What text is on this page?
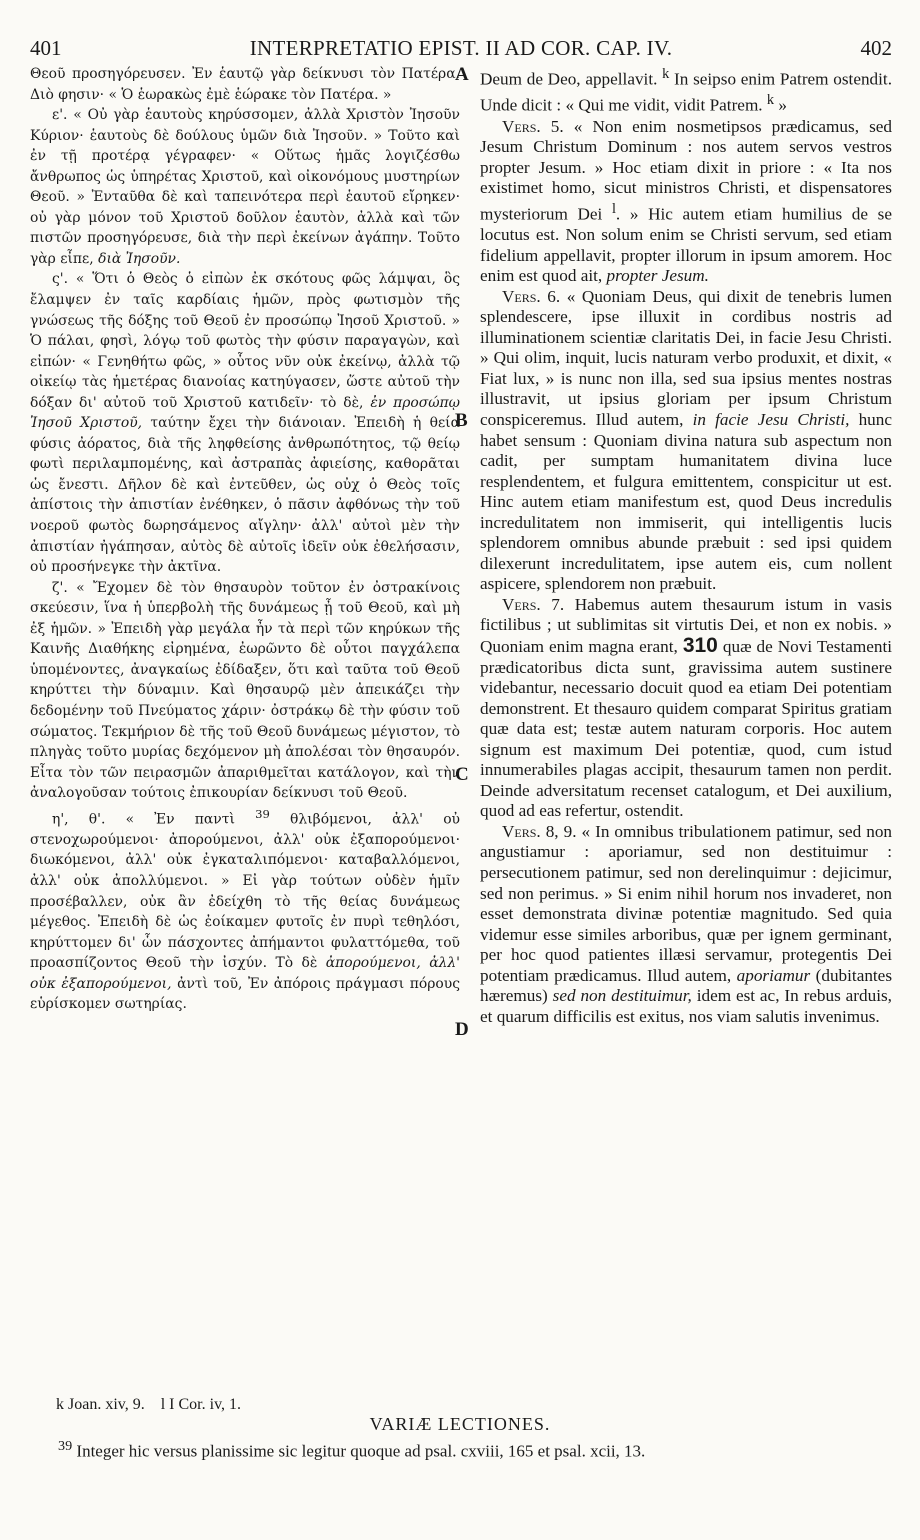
401	INTERPRETATIO EPIST. II AD COR. CAP. IV.	402

Θεοῦ προσηγόρευσεν. Ἐν ἑαυτῷ γὰρ δείκνυσι τὸν Πατέρα. Διὸ φησιν· « Ὁ ἑωρακὼς ἐμὲ ἑώρακε τὸν Πατέρα. »

ε'. « Οὐ γὰρ ἑαυτοὺς κηρύσσομεν, ἀλλὰ Χριστὸν Ἰησοῦν Κύριον· ἑαυτοὺς δὲ δούλους ὑμῶν διὰ Ἰησοῦν. » Τοῦτο καὶ ἐν τῇ προτέρᾳ γέγραφεν· « Οὕτως ἡμᾶς λογιζέσθω ἄνθρωπος ὡς ὑπηρέτας Χριστοῦ, καὶ οἰκονόμους μυστηρίων Θεοῦ. » Ἐνταῦθα δὲ καὶ ταπεινότερα περὶ ἑαυτοῦ εἴρηκεν· οὐ γὰρ μόνον τοῦ Χριστοῦ δοῦλον ἑαυτὸν, ἀλλὰ καὶ τῶν πιστῶν προσηγόρευσε, διὰ τὴν περὶ ἐκείνων ἀγάπην. Τοῦτο γὰρ εἶπε, διὰ Ἰησοῦν.

ς'. « Ὅτι ὁ Θεὸς ὁ εἰπὼν ἐκ σκότους φῶς λάμψαι, ὃς ἔλαμψεν ἐν ταῖς καρδίαις ἡμῶν, πρὸς φωτισμὸν τῆς γνώσεως τῆς δόξης τοῦ Θεοῦ ἐν προσώπῳ Ἰησοῦ Χριστοῦ. » Ὁ πάλαι, φησὶ, λόγῳ τοῦ φωτὸς τὴν φύσιν παραγαγὼν, καὶ εἰπών· « Γενηθήτω φῶς, » οὗτος νῦν οὐκ ἐκείνῳ, ἀλλὰ τῷ οἰκείῳ τὰς ἡμετέρας διανοίας κατηύγασεν, ὥστε αὐτοῦ τὴν δόξαν δι' αὐτοῦ τοῦ Χριστοῦ κατιδεῖν· τὸ δὲ, ἐν προσώπῳ Ἰησοῦ Χριστοῦ, ταύτην ἔχει τὴν διάνοιαν. Ἐπειδὴ ἡ θεία φύσις ἀόρατος, διὰ τῆς ληφθείσης ἀνθρωπότητος, τῷ θείῳ φωτὶ περιλαμπομένης, καὶ ἀστραπὰς ἀφιείσης, καθορᾶται ὡς ἔνεστι. Δῆλον δὲ καὶ ἐντεῦθεν, ὡς οὐχ ὁ Θεὸς τοῖς ἀπίστοις τὴν ἀπιστίαν ἐνέθηκεν, ὁ πᾶσιν ἀφθόνως τὴν τοῦ νοεροῦ φωτὸς δωρησάμενος αἴγλην· ἀλλ' αὐτοὶ μὲν τὴν ἀπιστίαν ἠγάπησαν, αὐτὸς δὲ αὐτοῖς ἰδεῖν οὐκ ἐθελήσασιν, οὐ προσήνεγκε τὴν ἀκτῖνα.

ζ'. « Ἔχομεν δὲ τὸν θησαυρὸν τοῦτον ἐν ὀστρακίνοις σκεύεσιν, ἵνα ἡ ὑπερβολὴ τῆς δυνάμεως ᾖ τοῦ Θεοῦ, καὶ μὴ ἐξ ἡμῶν. » Ἐπειδὴ γὰρ μεγάλα ἦν τὰ περὶ τῶν κηρύκων τῆς Καινῆς Διαθήκης εἰρημένα, ἐωρῶντο δὲ οὗτοι παγχάλεπα ὑπομένοντες, ἀναγκαίως ἐδίδαξεν, ὅτι καὶ ταῦτα τοῦ Θεοῦ κηρύττει τὴν δύναμιν. Καὶ θησαυρῷ μὲν ἀπεικάζει τὴν δεδομένην τοῦ Πνεύματος χάριν· ὀστράκῳ δὲ τὴν φύσιν τοῦ σώματος. Τεκμήριον δὲ τῆς τοῦ Θεοῦ δυνάμεως μέγιστον, τὸ πληγὰς τοῦτο μυρίας δεχόμενον μὴ ἀπολέσαι τὸν θησαυρόν. Εἶτα τὸν τῶν πειρασμῶν ἀπαριθμεῖται κατάλογον, καὶ τὴν ἀναλογοῦσαν τούτοις ἐπικουρίαν δείκνυσι τοῦ Θεοῦ.

η', θ'. « Ἐν παντὶ $^{39}$ θλιβόμενοι, ἀλλ' οὐ στενοχωρούμενοι· ἀπορούμενοι, ἀλλ' οὐκ ἐξαπορούμενοι· διωκόμενοι, ἀλλ' οὐκ ἐγκαταλιπόμενοι· καταβαλλόμενοι, ἀλλ' οὐκ ἀπολλύμενοι. » Εἰ γὰρ τούτων οὐδὲν ἡμῖν προσέβαλλεν, οὐκ ἂν ἐδείχθη τὸ τῆς θείας δυνάμεως μέγεθος. Ἐπειδὴ δὲ ὡς ἐοίκαμεν φυτοῖς ἐν πυρὶ τεθηλόσι, κηρύττομεν δι' ὧν πάσχοντες ἀπήμαντοι φυλαττόμεθα, τοῦ προασπίζοντος Θεοῦ τὴν ἰσχύν. Τὸ δὲ ἀπορούμενοι, ἀλλ' οὐκ ἐξαπορούμενοι, ἀντὶ τοῦ, Ἐν ἀπόροις πράγμασι πόρους εὑρίσκομεν σωτηρίας.

A
B
C
D

Deum de Deo, appellavit. $^k$ In seipso enim Patrem ostendit. Unde dicit : « Qui me vidit, vidit Patrem. $^k$ »

Vers. 5. « Non enim nosmetipsos prædicamus, sed Jesum Christum Dominum : nos autem servos vestros propter Jesum. » Hoc etiam dixit in priore : « Ita nos existimet homo, sicut ministros Christi, et dispensatores mysteriorum Dei $^l$. » Hic autem etiam humilius de se locutus est. Non solum enim se Christi servum, sed etiam fidelium appellavit, propter illorum in ipsum amorem. Hoc enim est quod ait, propter Jesum.

Vers. 6. « Quoniam Deus, qui dixit de tenebris lumen splendescere, ipse illuxit in cordibus nostris ad illuminationem scientiæ claritatis Dei, in facie Jesu Christi. » Qui olim, inquit, lucis naturam verbo produxit, et dixit, « Fiat lux, » is nunc non illa, sed sua ipsius mentes nostras illustravit, ut ipsius gloriam per ipsum Christum conspiceremus. Illud autem, in facie Jesu Christi, hunc habet sensum : Quoniam divina natura sub aspectum non cadit, per sumptam humanitatem divina luce resplendentem, et fulgura emittentem, conspicitur ut est. Hinc autem etiam manifestum est, quod Deus incredulis incredulitatem non immiserit, qui intelligentis lucis splendorem omnibus abunde præbuit : sed ipsi quidem dilexerunt incredulitatem, ipse autem eis, cum nollent aspicere, splendorem non præbuit.

Vers. 7. Habemus autem thesaurum istum in vasis fictilibus ; ut sublimitas sit virtutis Dei, et non ex nobis. » Quoniam enim magna erant, 310 quæ de Novi Testamenti prædicatoribus dicta sunt, gravissima autem sustinere videbantur, necessario docuit quod ea etiam Dei potentiam demonstrent. Et thesauro quidem comparat Spiritus gratiam quæ data est; testæ autem naturam corporis. Hoc autem signum est maximum Dei potentiæ, quod, cum istud innumerabiles plagas accipit, thesaurum tamen non perdit. Deinde adversitatum recenset catalogum, et Dei auxilium, quod ad eas refertur, ostendit.

Vers. 8, 9. « In omnibus tribulationem patimur, sed non angustiamur : aporiamur, sed non destituimur : persecutionem patimur, sed non derelinquimur : dejicimur, sed non perimus. » Si enim nihil horum nos invaderet, non esset demonstrata divinæ potentiæ magnitudo. Sed quia videmur esse similes arboribus, quæ per ignem germinant, per hoc quod patientes illæsi servamur, protegentis Dei potentiam prædicamus. Illud autem, aporiamur (dubitantes hæremus) sed non destituimur, idem est ac, In rebus arduis, et quarum difficilis est exitus, nos viam salutis invenimus.

k Joan. xiv, 9. l I Cor. iv, 1.
VARIÆ LECTIONES.
$^{39}$ Integer hic versus planissime sic legitur quoque ad psal. cxviii, 165 et psal. xcii, 13.
